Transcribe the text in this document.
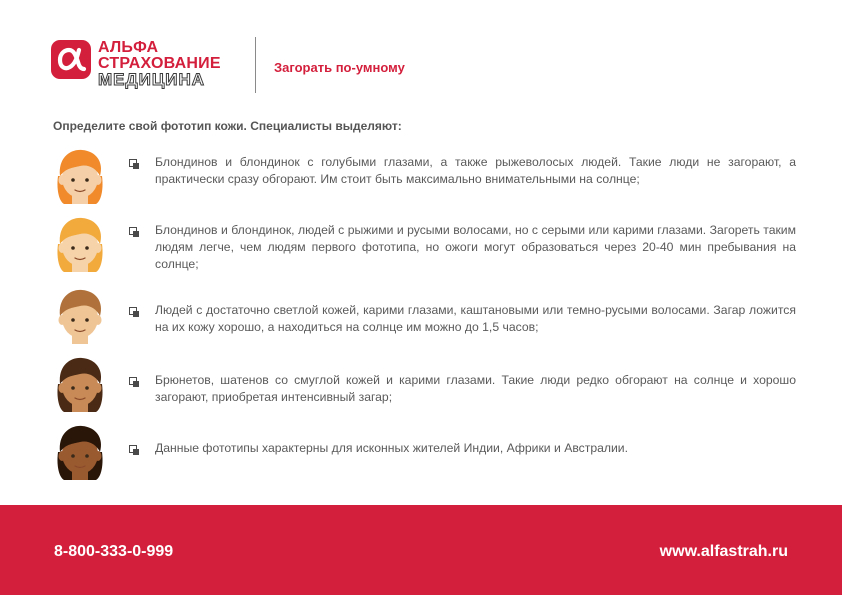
АЛЬФА
СТРАХОВАНИЕ
МЕДИЦИНА
Загорать по-умному
Определите свой фототип кожи. Специалисты выделяют:
Блондинов и блондинок с голубыми глазами, а также рыжеволосых людей. Такие люди не загорают, а практически сразу обгорают. Им стоит быть максимально внимательными на солнце;
Блондинов и блондинок, людей с рыжими и русыми волосами, но с серыми или карими глазами. Загореть таким людям легче, чем людям первого фототипа, но ожоги могут образоваться через 20-40 мин пребывания на солнце;
Людей с достаточно светлой кожей, карими глазами, каштановыми или темно-русыми волосами. Загар ложится на их кожу хорошо, а находиться на солнце им можно до 1,5 часов;
Брюнетов, шатенов со смуглой кожей и карими глазами. Такие люди редко обгорают на солнце и хорошо загорают, приобретая интенсивный загар;
Данные фототипы характерны для исконных жителей Индии, Африки и Австралии.
8-800-333-0-999	www.alfastrah.ru
